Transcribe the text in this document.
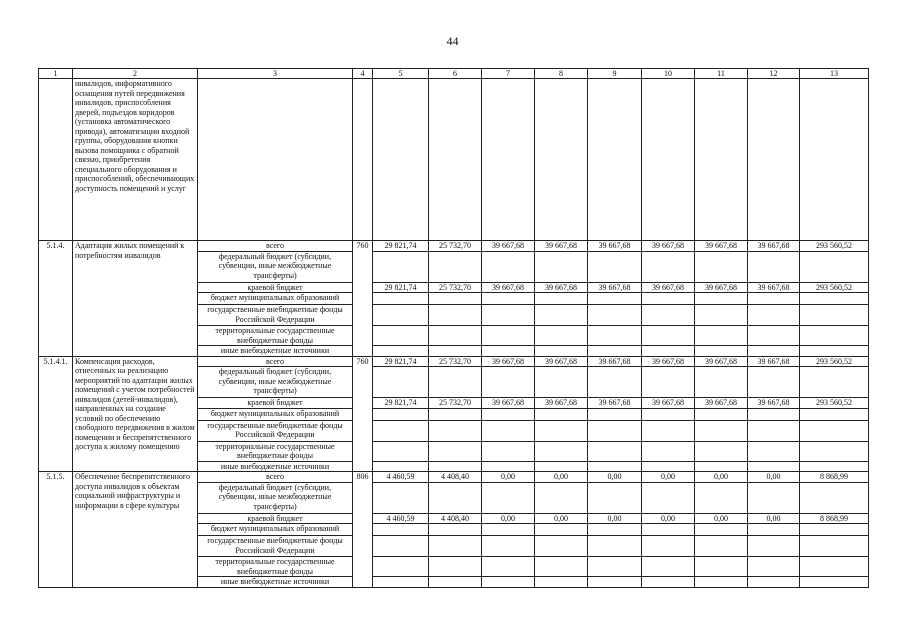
44
1	2	3	4	5	6	7	8	9	10	11	12	13
	инвалидов, информативного оснащения путей передвижения инвалидов, приспособления дверей, подъездов коридоров (установка автоматического привода), автоматизации входной группы, оборудования кнопки вызова помощника с обратной связью, приобретения специального оборудования и приспособлений, обеспечивающих доступность помещений и услуг											
5.1.4.	Адаптация жилых помещений к потребностям инвалидов	всего	760	29 821,74	25 732,70	39 667,68	39 667,68	39 667,68	39 667,68	39 667,68	39 667,68	293 560,52
		федеральный бюджет (субсидии, субвенции, иные межбюджетные трансферты)										
		краевой бюджет		29 821,74	25 732,70	39 667,68	39 667,68	39 667,68	39 667,68	39 667,68	39 667,68	293 560,52
		бюджет муниципальных образований										
		государственные внебюджетные фонды Российской Федерации										
		территориальные государственные внебюджетные фонды										
		иные внебюджетные источники										
5.1.4.1.	Компенсация расходов, отнесенных на реализацию мероприятий по адаптации жилых помещений с учетом потребностей инвалидов (детей-инвалидов), направленных на создание условий по обеспечению свободного передвижения в жилом помещении и беспрепятственного доступа к жилому помещению	всего	760	29 821,74	25 732,70	39 667,68	39 667,68	39 667,68	39 667,68	39 667,68	39 667,68	293 560,52
		федеральный бюджет (субсидии, субвенции, иные межбюджетные трансферты)										
		краевой бюджет		29 821,74	25 732,70	39 667,68	39 667,68	39 667,68	39 667,68	39 667,68	39 667,68	293 560,52
		бюджет муниципальных образований										
		государственные внебюджетные фонды Российской Федерации										
		территориальные государственные внебюджетные фонды										
		иные внебюджетные источники										
5.1.5.	Обеспечение беспрепятственного доступа инвалидов к объектам социальной инфраструктуры и информации в сфере культуры	всего	806	4 460,59	4 408,40	0,00	0,00	0,00	0,00	0,00	0,00	8 868,99
		федеральный бюджет (субсидии, субвенции, иные межбюджетные трансферты)										
		краевой бюджет		4 460,59	4 408,40	0,00	0,00	0,00	0,00	0,00	0,00	8 868,99
		бюджет муниципальных образований										
		государственные внебюджетные фонды Российской Федерации										
		территориальные государственные внебюджетные фонды										
		иные внебюджетные источники										
